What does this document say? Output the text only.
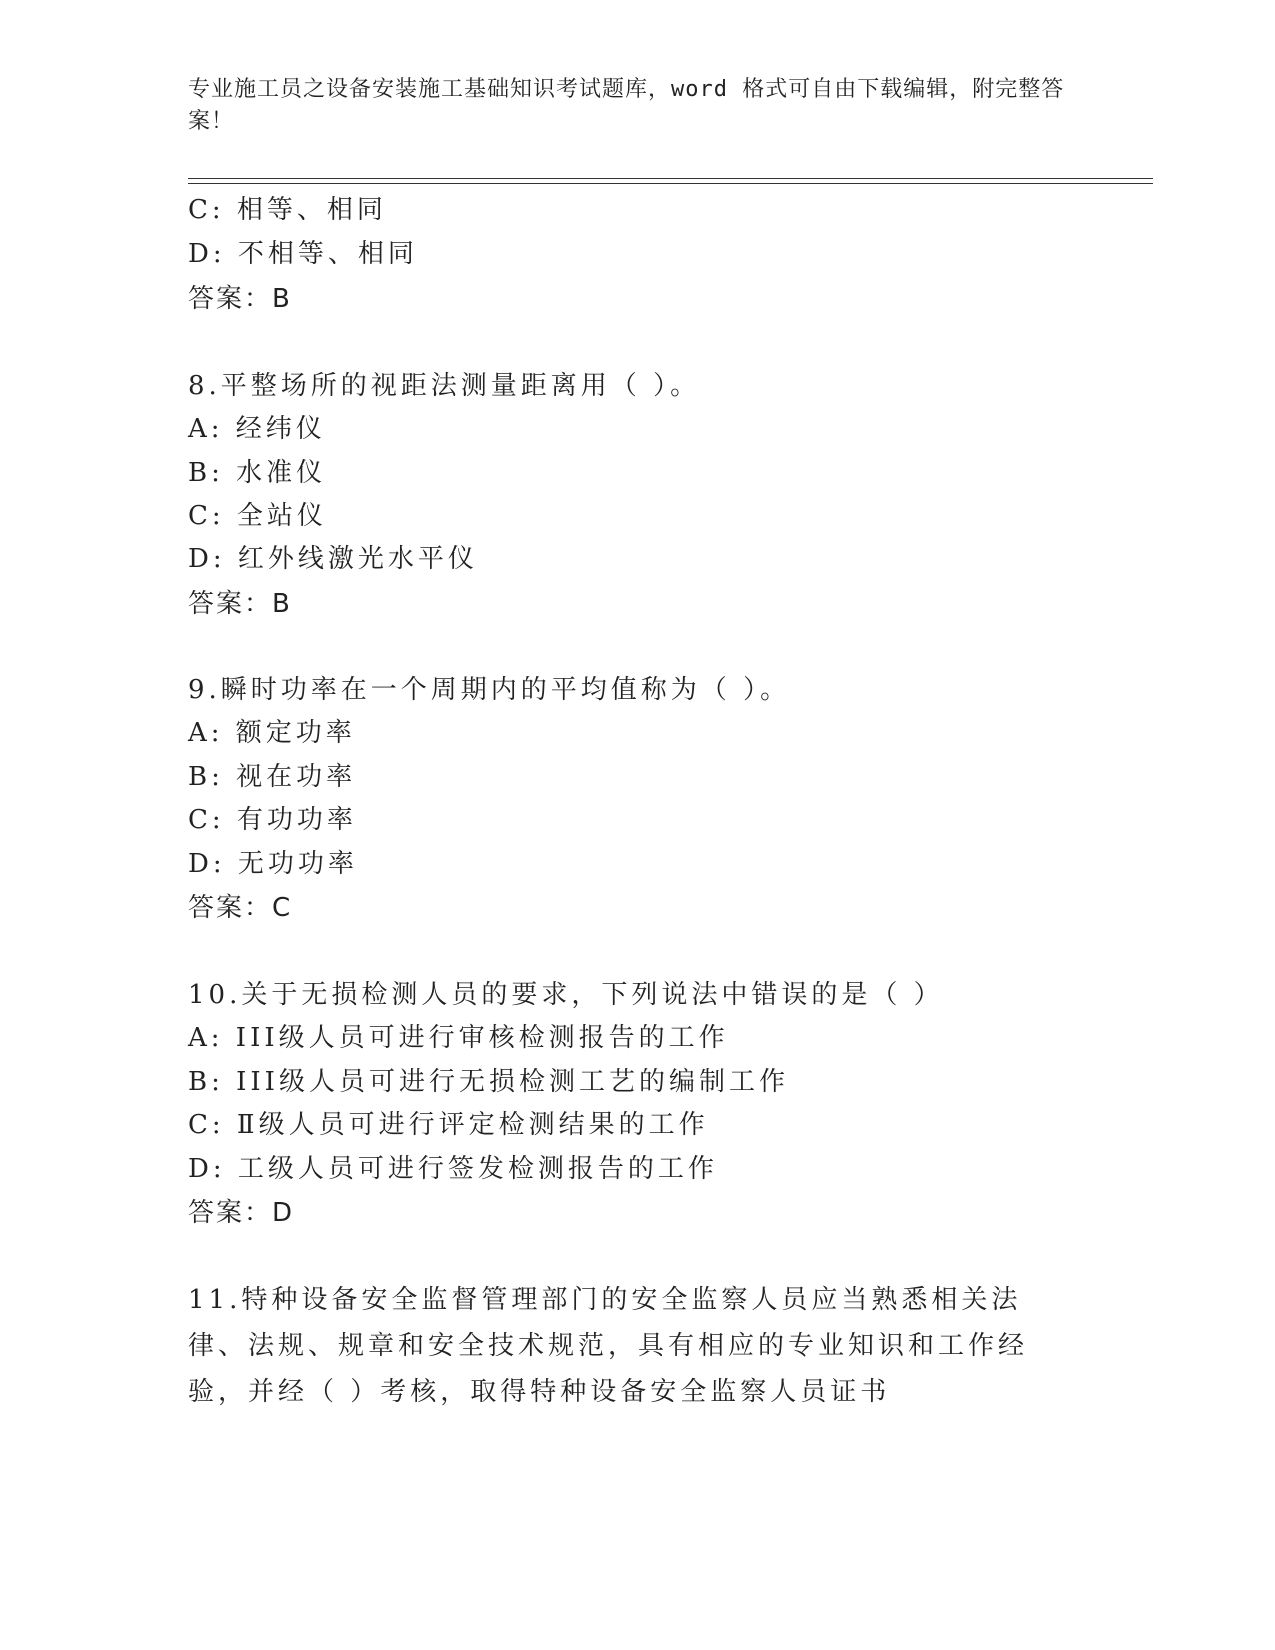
专业施工员之设备安装施工基础知识考试题库，word 格式可自由下载编辑，附完整答案！
C: 相等、相同
D: 不相等、相同
答案：B
8.平整场所的视距法测量距离用（ ）。
A: 经纬仪
B: 水准仪
C: 全站仪
D: 红外线激光水平仪
答案：B
9.瞬时功率在一个周期内的平均值称为（ ）。
A: 额定功率
B: 视在功率
C: 有功功率
D: 无功功率
答案：C
10.关于无损检测人员的要求，下列说法中错误的是（ ）
A: III级人员可进行审核检测报告的工作
B: III级人员可进行无损检测工艺的编制工作
C: Ⅱ级人员可进行评定检测结果的工作
D: 工级人员可进行签发检测报告的工作
答案：D
11.特种设备安全监督管理部门的安全监察人员应当熟悉相关法律、法规、规章和安全技术规范，具有相应的专业知识和工作经验，并经（ ）考核，取得特种设备安全监察人员证书
